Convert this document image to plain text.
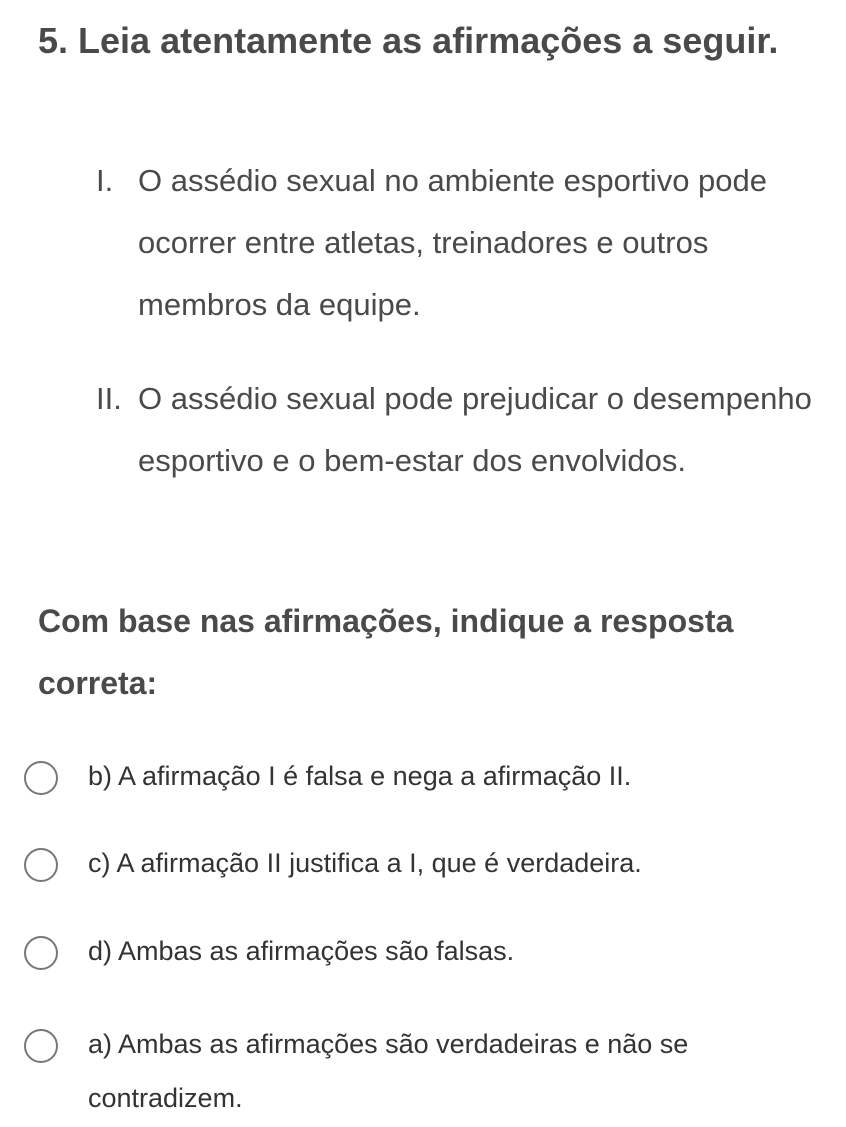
5. Leia atentamente as afirmações a seguir.
I. O assédio sexual no ambiente esportivo pode ocorrer entre atletas, treinadores e outros membros da equipe.
II. O assédio sexual pode prejudicar o desempenho esportivo e o bem-estar dos envolvidos.

Com base nas afirmações, indique a resposta correta:

b) A afirmação I é falsa e nega a afirmação II.
c) A afirmação II justifica a I, que é verdadeira.
d) Ambas as afirmações são falsas.
a) Ambas as afirmações são verdadeiras e não se contradizem.
